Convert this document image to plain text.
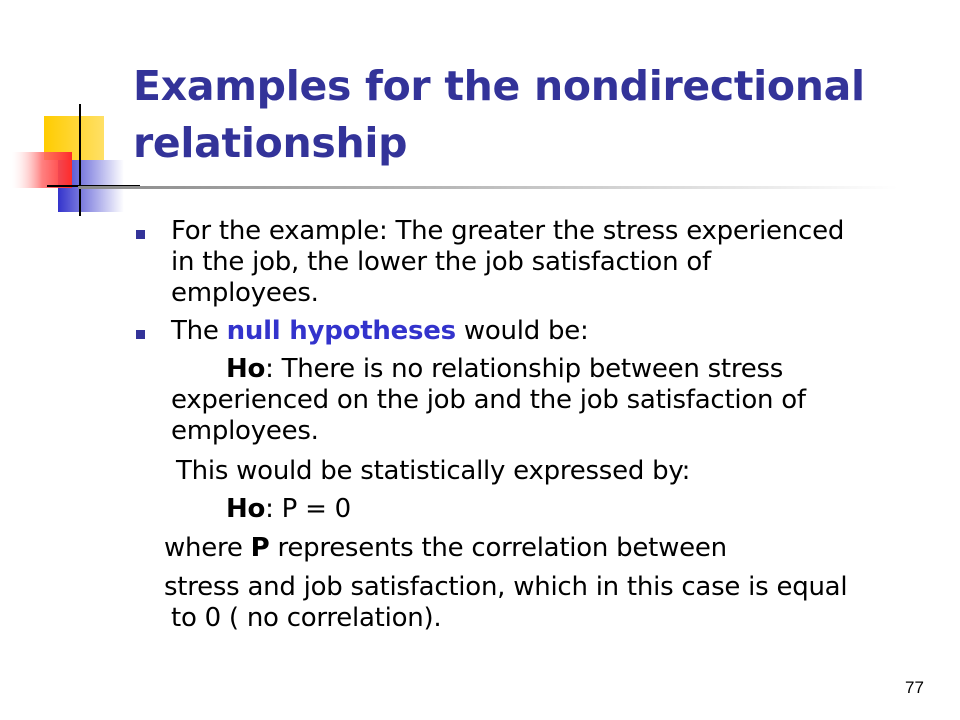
Examples for the nondirectional
relationship
For the example: The greater the stress experienced
in the job, the lower the job satisfaction of
employees.
The null hypotheses would be:
Ho: There is no relationship between stress
experienced on the job and the job satisfaction of
employees.
This would be statistically expressed by:
Ho: P = 0
where P represents the correlation between
stress and job satisfaction, which in this case is equal
to 0 ( no correlation).
77
